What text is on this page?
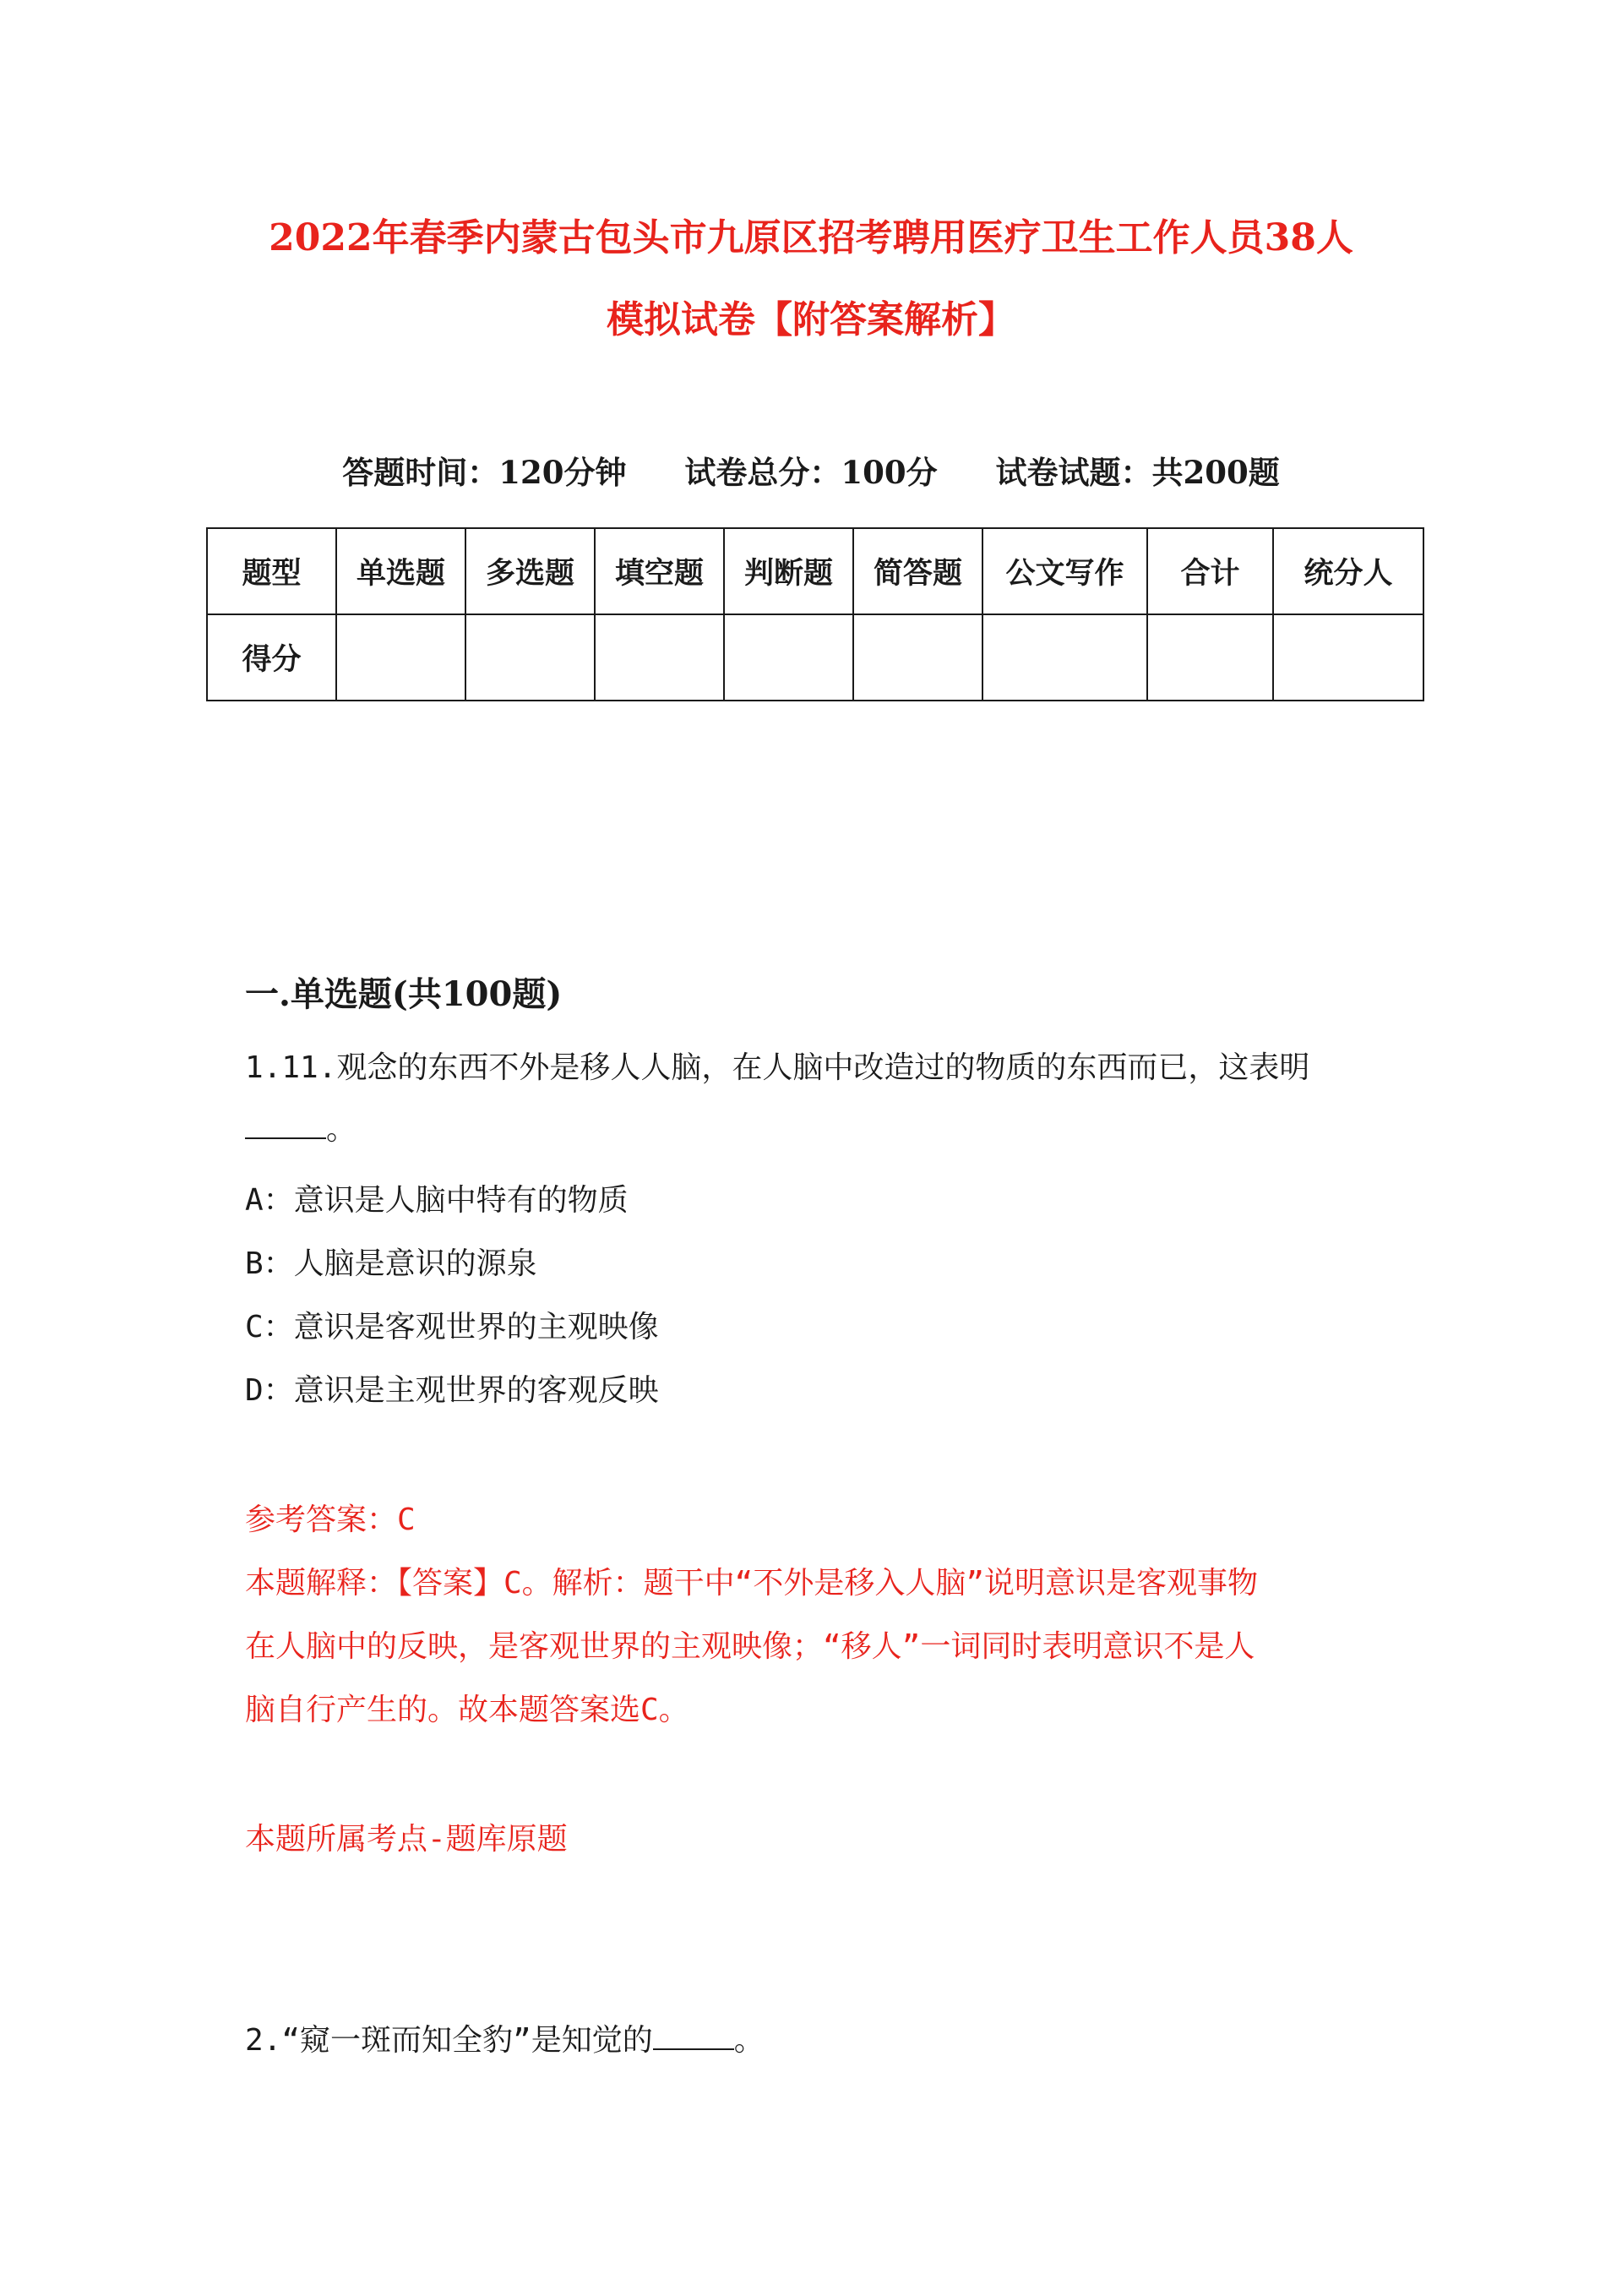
2022年春季内蒙古包头市九原区招考聘用医疗卫生工作人员38人
模拟试卷【附答案解析】
答题时间：120分钟 试卷总分：100分 试卷试题：共200题
题型	单选题	多选题	填空题	判断题	简答题	公文写作	合计	统分人
得分								
一.单选题(共100题)
1.11.观念的东西不外是移人人脑，在人脑中改造过的物质的东西而已，这表明
。
A：意识是人脑中特有的物质
B：人脑是意识的源泉
C：意识是客观世界的主观映像
D：意识是主观世界的客观反映
参考答案：C
本题解释：【答案】C。解析：题干中“不外是移入人脑”说明意识是客观事物
在人脑中的反映，是客观世界的主观映像；“移人”一词同时表明意识不是人
脑自行产生的。故本题答案选C。
本题所属考点-题库原题
2.“窥一斑而知全豹”是知觉的	。
